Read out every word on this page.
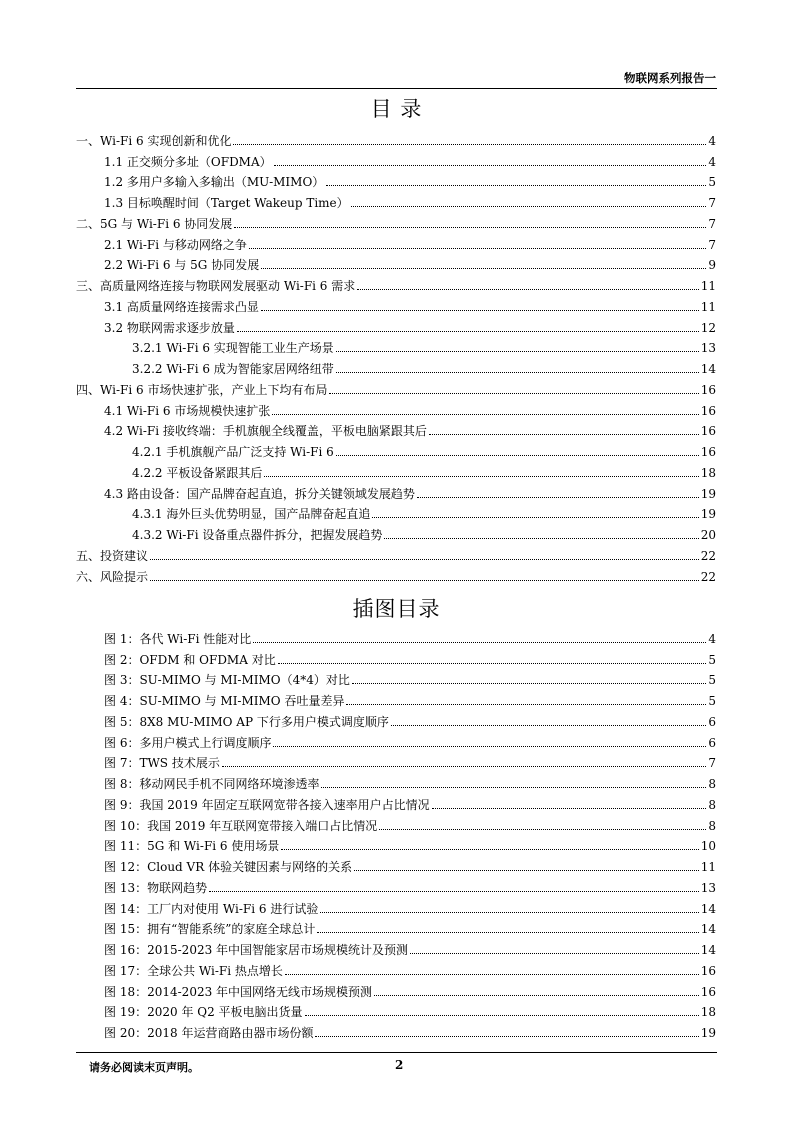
物联网系列报告一
目 录
一、Wi-Fi 6 实现创新和优化	4
1.1 正交频分多址（OFDMA）	4
1.2 多用户多输入多输出（MU-MIMO）	5
1.3 目标唤醒时间（Target Wakeup Time）	7
二、5G 与 Wi-Fi 6 协同发展	7
2.1 Wi-Fi 与移动网络之争	7
2.2 Wi-Fi 6 与 5G 协同发展	9
三、高质量网络连接与物联网发展驱动 Wi-Fi 6 需求	11
3.1 高质量网络连接需求凸显	11
3.2 物联网需求逐步放量	12
3.2.1 Wi-Fi 6 实现智能工业生产场景	13
3.2.2 Wi-Fi 6 成为智能家居网络纽带	14
四、Wi-Fi 6 市场快速扩张，产业上下均有布局	16
4.1 Wi-Fi 6 市场规模快速扩张	16
4.2 Wi-Fi 接收终端：手机旗舰全线覆盖，平板电脑紧跟其后	16
4.2.1 手机旗舰产品广泛支持 Wi-Fi 6	16
4.2.2 平板设备紧跟其后	18
4.3 路由设备：国产品牌奋起直追，拆分关键领域发展趋势	19
4.3.1 海外巨头优势明显，国产品牌奋起直追	19
4.3.2 Wi-Fi 设备重点器件拆分，把握发展趋势	20
五、投资建议	22
六、风险提示	22
插图目录
图 1：各代 Wi-Fi 性能对比	4
图 2：OFDM 和 OFDMA 对比	5
图 3：SU-MIMO 与 MI-MIMO（4*4）对比	5
图 4：SU-MIMO 与 MI-MIMO 吞吐量差异	5
图 5：8X8 MU-MIMO AP 下行多用户模式调度顺序	6
图 6：多用户模式上行调度顺序	6
图 7：TWS 技术展示	7
图 8：移动网民手机不同网络环境渗透率	8
图 9：我国 2019 年固定互联网宽带各接入速率用户占比情况	8
图 10：我国 2019 年互联网宽带接入端口占比情况	8
图 11：5G 和 Wi-Fi 6 使用场景	10
图 12：Cloud VR 体验关键因素与网络的关系	11
图 13：物联网趋势	13
图 14：工厂内对使用 Wi-Fi 6 进行试验	14
图 15：拥有“智能系统”的家庭全球总计	14
图 16：2015-2023 年中国智能家居市场规模统计及预测	14
图 17：全球公共 Wi-Fi 热点增长	16
图 18：2014-2023 年中国网络无线市场规模预测	16
图 19：2020 年 Q2 平板电脑出货量	18
图 20：2018 年运营商路由器市场份额	19
请务必阅读末页声明。	2
